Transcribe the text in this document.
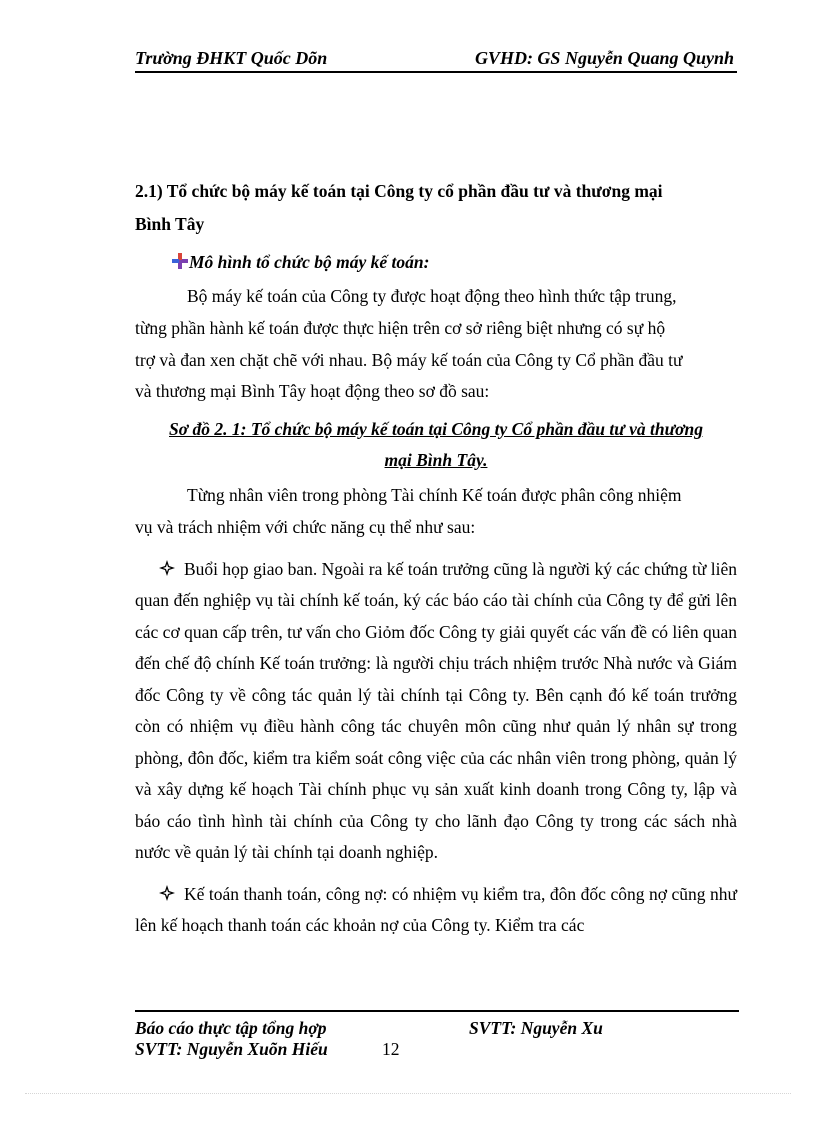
Trường ĐHKT Quốc Dõn	GVHD: GS Nguyễn Quang Quynh

2.1) Tổ chức bộ máy kế toán tại Công ty cổ phần đầu tư và thương mại
Bình Tây

Mô hình tổ chức bộ máy kế toán:

Bộ máy kế toán của Công ty được hoạt động theo hình thức tập trung,
từng phần hành kế toán được thực hiện trên cơ sở riêng biệt nhưng có sự hộ
trợ và đan xen chặt chẽ với nhau. Bộ máy kế toán của Công ty Cổ phần đầu tư
và thương mại Bình Tây hoạt động theo sơ đồ sau:

Sơ đồ 2. 1: Tổ chức bộ máy kế toán tại Công ty Cổ phần đầu tư và thương
mại Bình Tây.

Từng nhân viên trong phòng Tài chính Kế toán được phân công nhiệm
vụ và trách nhiệm với chức năng cụ thể như sau:

Buổi họp giao ban. Ngoài ra kế toán trưởng cũng là người ký các chứng từ liên quan đến nghiệp vụ tài chính kế toán, ký các báo cáo tài chính của Công ty để gửi lên các cơ quan cấp trên, tư vấn cho Giỏm đốc Công ty giải quyết các vấn đề có liên quan đến chế độ chính Kế toán trưởng: là người chịu trách nhiệm trước Nhà nước và Giám đốc Công ty về công tác quản lý tài chính tại Công ty. Bên cạnh đó kế toán trưởng còn có nhiệm vụ điều hành công tác chuyên môn cũng như quản lý nhân sự trong phòng, đôn đốc, kiểm tra kiểm soát công việc của các nhân viên trong phòng, quản lý và xây dựng kế hoạch Tài chính phục vụ sản xuất kinh doanh trong Công ty, lập và báo cáo tình hình tài chính của Công ty cho lãnh đạo Công ty trong các sách nhà nước về quản lý tài chính tại doanh nghiệp.

Kế toán thanh toán, công nợ: có nhiệm vụ kiểm tra, đôn đốc công nợ cũng như lên kế hoạch thanh toán các khoản nợ của Công ty. Kiểm tra các

Báo cáo thực tập tổng hợp	SVTT: Nguyễn Xu
SVTT: Nguyễn Xuõn Hiếu	12
